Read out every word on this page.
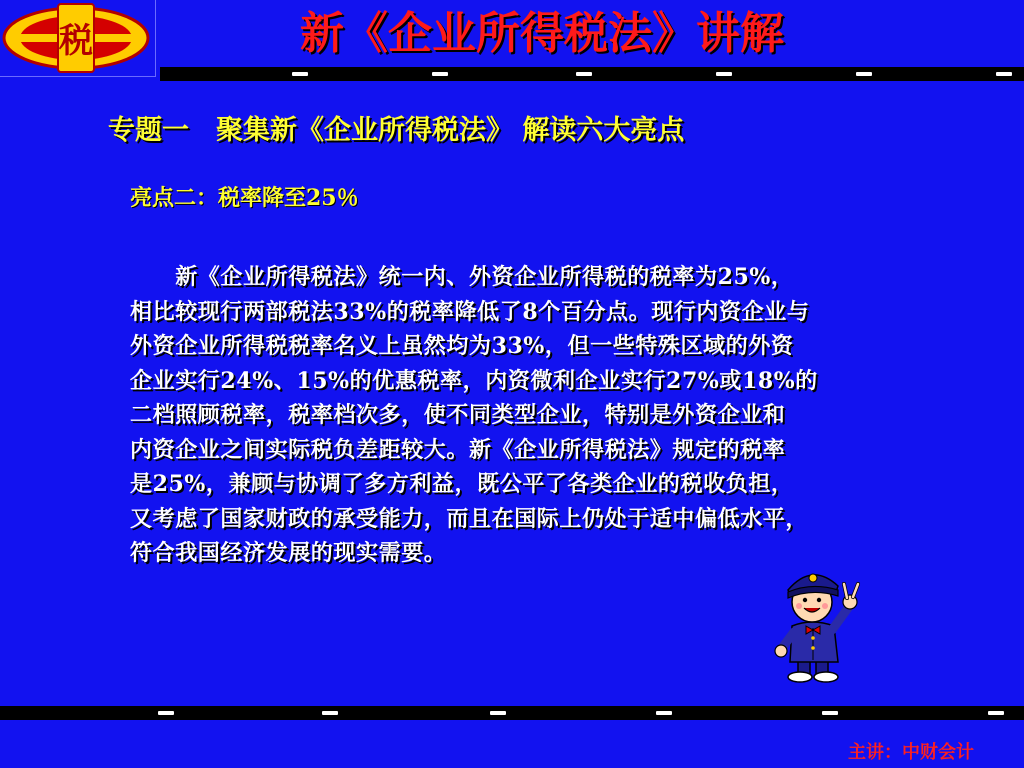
税	新《企业所得税法》讲解
专题一　聚集新《企业所得税法》 解读六大亮点
亮点二：税率降至25％
　　新《企业所得税法》统一内、外资企业所得税的税率为25%，
相比较现行两部税法33%的税率降低了8个百分点。现行内资企业与
外资企业所得税税率名义上虽然均为33%，但一些特殊区域的外资
企业实行24%、15%的优惠税率，内资微利企业实行27%或18%的
二档照顾税率，税率档次多，使不同类型企业，特别是外资企业和
内资企业之间实际税负差距较大。新《企业所得税法》规定的税率
是25%，兼顾与协调了多方利益，既公平了各类企业的税收负担，
又考虑了国家财政的承受能力，而且在国际上仍处于适中偏低水平，
符合我国经济发展的现实需要。
主讲：中财会计
